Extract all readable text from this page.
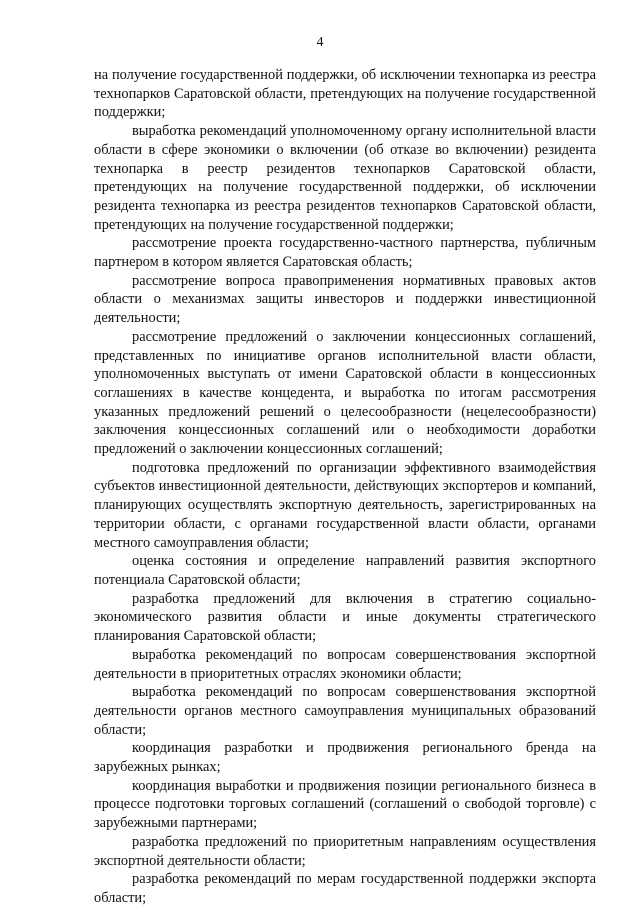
4

на получение государственной поддержки, об исключении технопарка из реестра технопарков Саратовской области, претендующих на получение государственной поддержки;

выработка рекомендаций уполномоченному органу исполнительной власти области в сфере экономики о включении (об отказе во включении) резидента технопарка в реестр резидентов технопарков Саратовской области, претендующих на получение государственной поддержки, об исключении резидента технопарка из реестра резидентов технопарков Саратовской области, претендующих на получение государственной поддержки;

рассмотрение проекта государственно-частного партнерства, публичным партнером в котором является Саратовская область;

рассмотрение вопроса правоприменения нормативных правовых актов области о механизмах защиты инвесторов и поддержки инвестиционной деятельности;

рассмотрение предложений о заключении концессионных соглашений, представленных по инициативе органов исполнительной власти области, уполномоченных выступать от имени Саратовской области в концессионных соглашениях в качестве концедента, и выработка по итогам рассмотрения указанных предложений решений о целесообразности (нецелесообразности) заключения концессионных соглашений или о необходимости доработки предложений о заключении концессионных соглашений;

подготовка предложений по организации эффективного взаимодействия субъектов инвестиционной деятельности, действующих экспортеров и компаний, планирующих осуществлять экспортную деятельность, зарегистрированных на территории области, с органами государственной власти области, органами местного самоуправления области;

оценка состояния и определение направлений развития экспортного потенциала Саратовской области;

разработка предложений для включения в стратегию социально-экономического развития области и иные документы стратегического планирования Саратовской области;

выработка рекомендаций по вопросам совершенствования экспортной деятельности в приоритетных отраслях экономики области;

выработка рекомендаций по вопросам совершенствования экспортной деятельности органов местного самоуправления муниципальных образований области;

координация разработки и продвижения регионального бренда на зарубежных рынках;

координация выработки и продвижения позиции регионального бизнеса в процессе подготовки торговых соглашений (соглашений о свободой торговле) с зарубежными партнерами;

разработка предложений по приоритетным направлениям осуществления экспортной деятельности области;

разработка рекомендаций по мерам государственной поддержки экспорта области;
